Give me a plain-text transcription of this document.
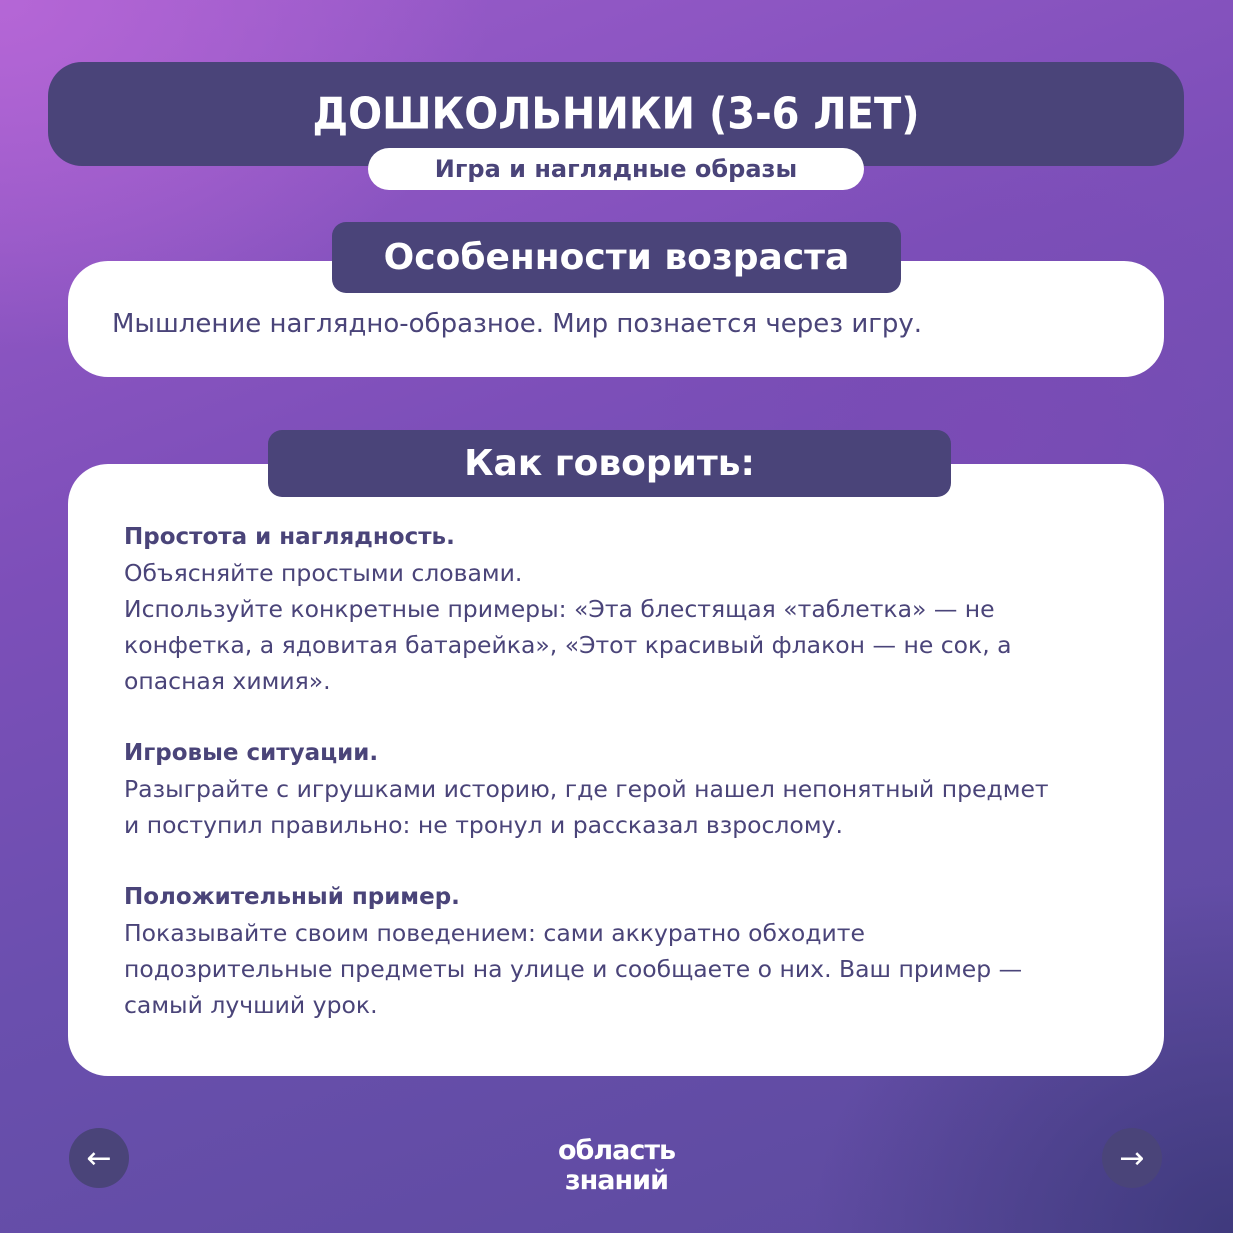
ДОШКОЛЬНИКИ (3-6 ЛЕТ)
Игра и наглядные образы
Особенности возраста
Мышление наглядно-образное. Мир познается через игру.
Как говорить:

Простота и наглядность.

Объясняйте простыми словами.
Используйте конкретные примеры: «Эта блестящая «таблетка» — не
конфетка, а ядовитая батарейка», «Этот красивый флакон — не сок, а
опасная химия».

Игровые ситуации.

Разыграйте с игрушками историю, где герой нашел непонятный предмет
и поступил правильно: не тронул и рассказал взрослому.

Положительный пример.

Показывайте своим поведением: сами аккуратно обходите
подозрительные предметы на улице и сообщаете о них. Ваш пример —
самый лучший урок.

←	область
знаний
→
